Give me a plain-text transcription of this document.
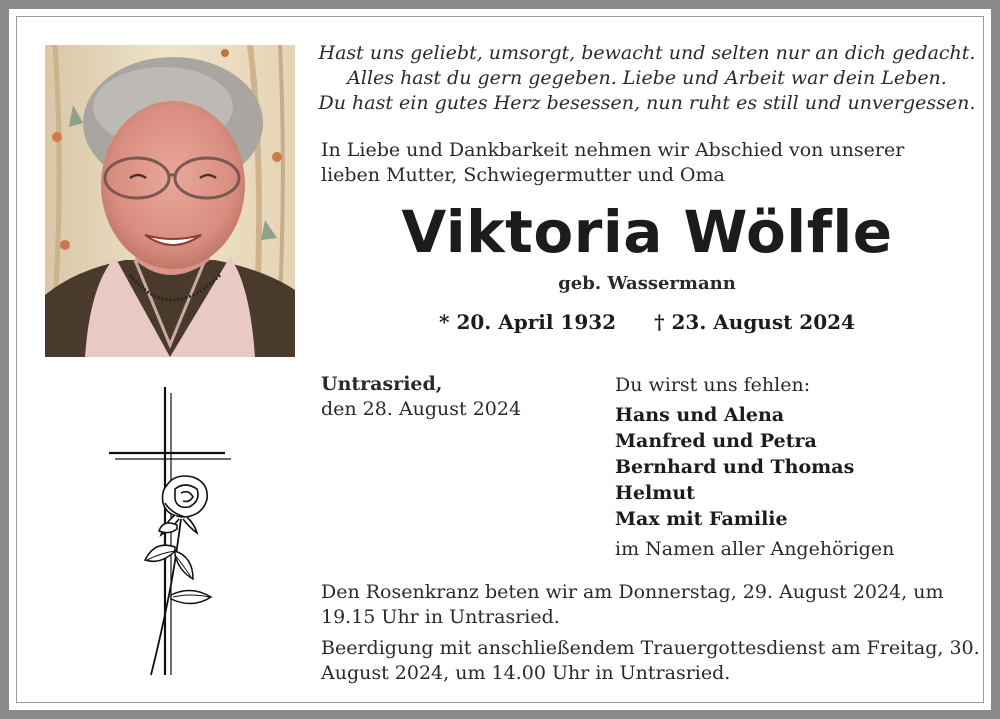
Hast uns geliebt, umsorgt, bewacht und selten nur an dich gedacht.
Alles hast du gern gegeben. Liebe und Arbeit war dein Leben.
Du hast ein gutes Herz besessen, nun ruht es still und unvergessen.
In Liebe und Dankbarkeit nehmen wir Abschied von unserer
lieben Mutter, Schwiegermutter und Oma
Viktoria Wölfle
geb. Wassermann
* 20. April 1932 † 23. August 2024
Untrasried,
den 28. August 2024
Du wirst uns fehlen:
Hans und Alena
Manfred und Petra
Bernhard und Thomas
Helmut
Max mit Familie
im Namen aller Angehörigen

Den Rosenkranz beten wir am Donnerstag, 29. August 2024, um 19.15 Uhr in Untrasried.

Beerdigung mit anschließendem Trauergottesdienst am Freitag, 30. August 2024, um 14.00 Uhr in Untrasried.
